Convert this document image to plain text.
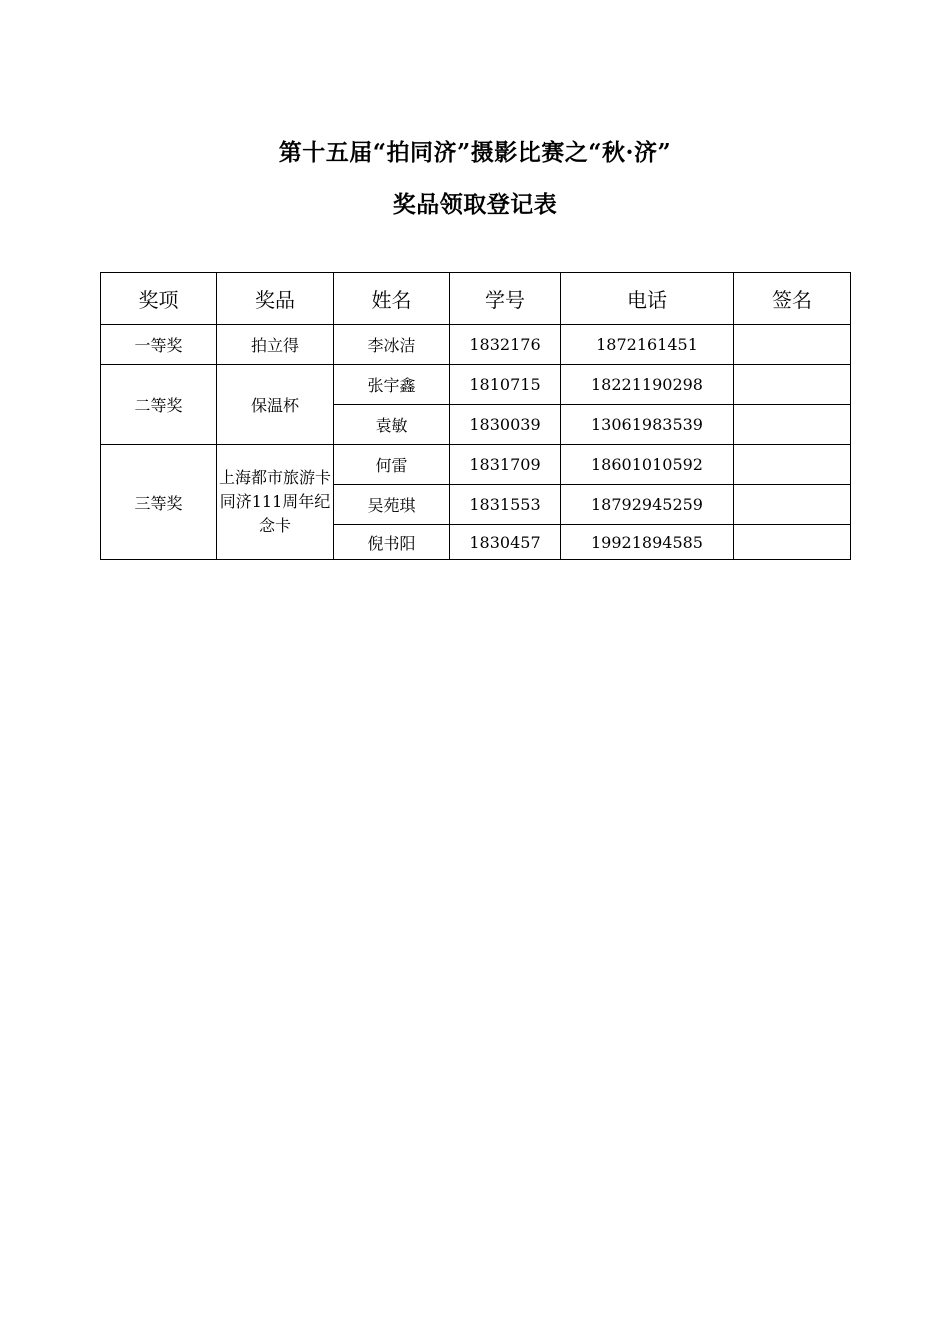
第十五届“拍同济”摄影比赛之“秋·济”
奖品领取登记表
奖项	奖品	姓名	学号	电话	签名
一等奖	拍立得	李冰洁	1832176	1872161451	
二等奖	保温杯	张宇鑫	1810715	18221190298	
		袁敏	1830039	13061983539	
三等奖	上海都市旅游卡同济111周年纪念卡	何雷	1831709	18601010592	
		吴苑琪	1831553	18792945259	
		倪书阳	1830457	19921894585	
